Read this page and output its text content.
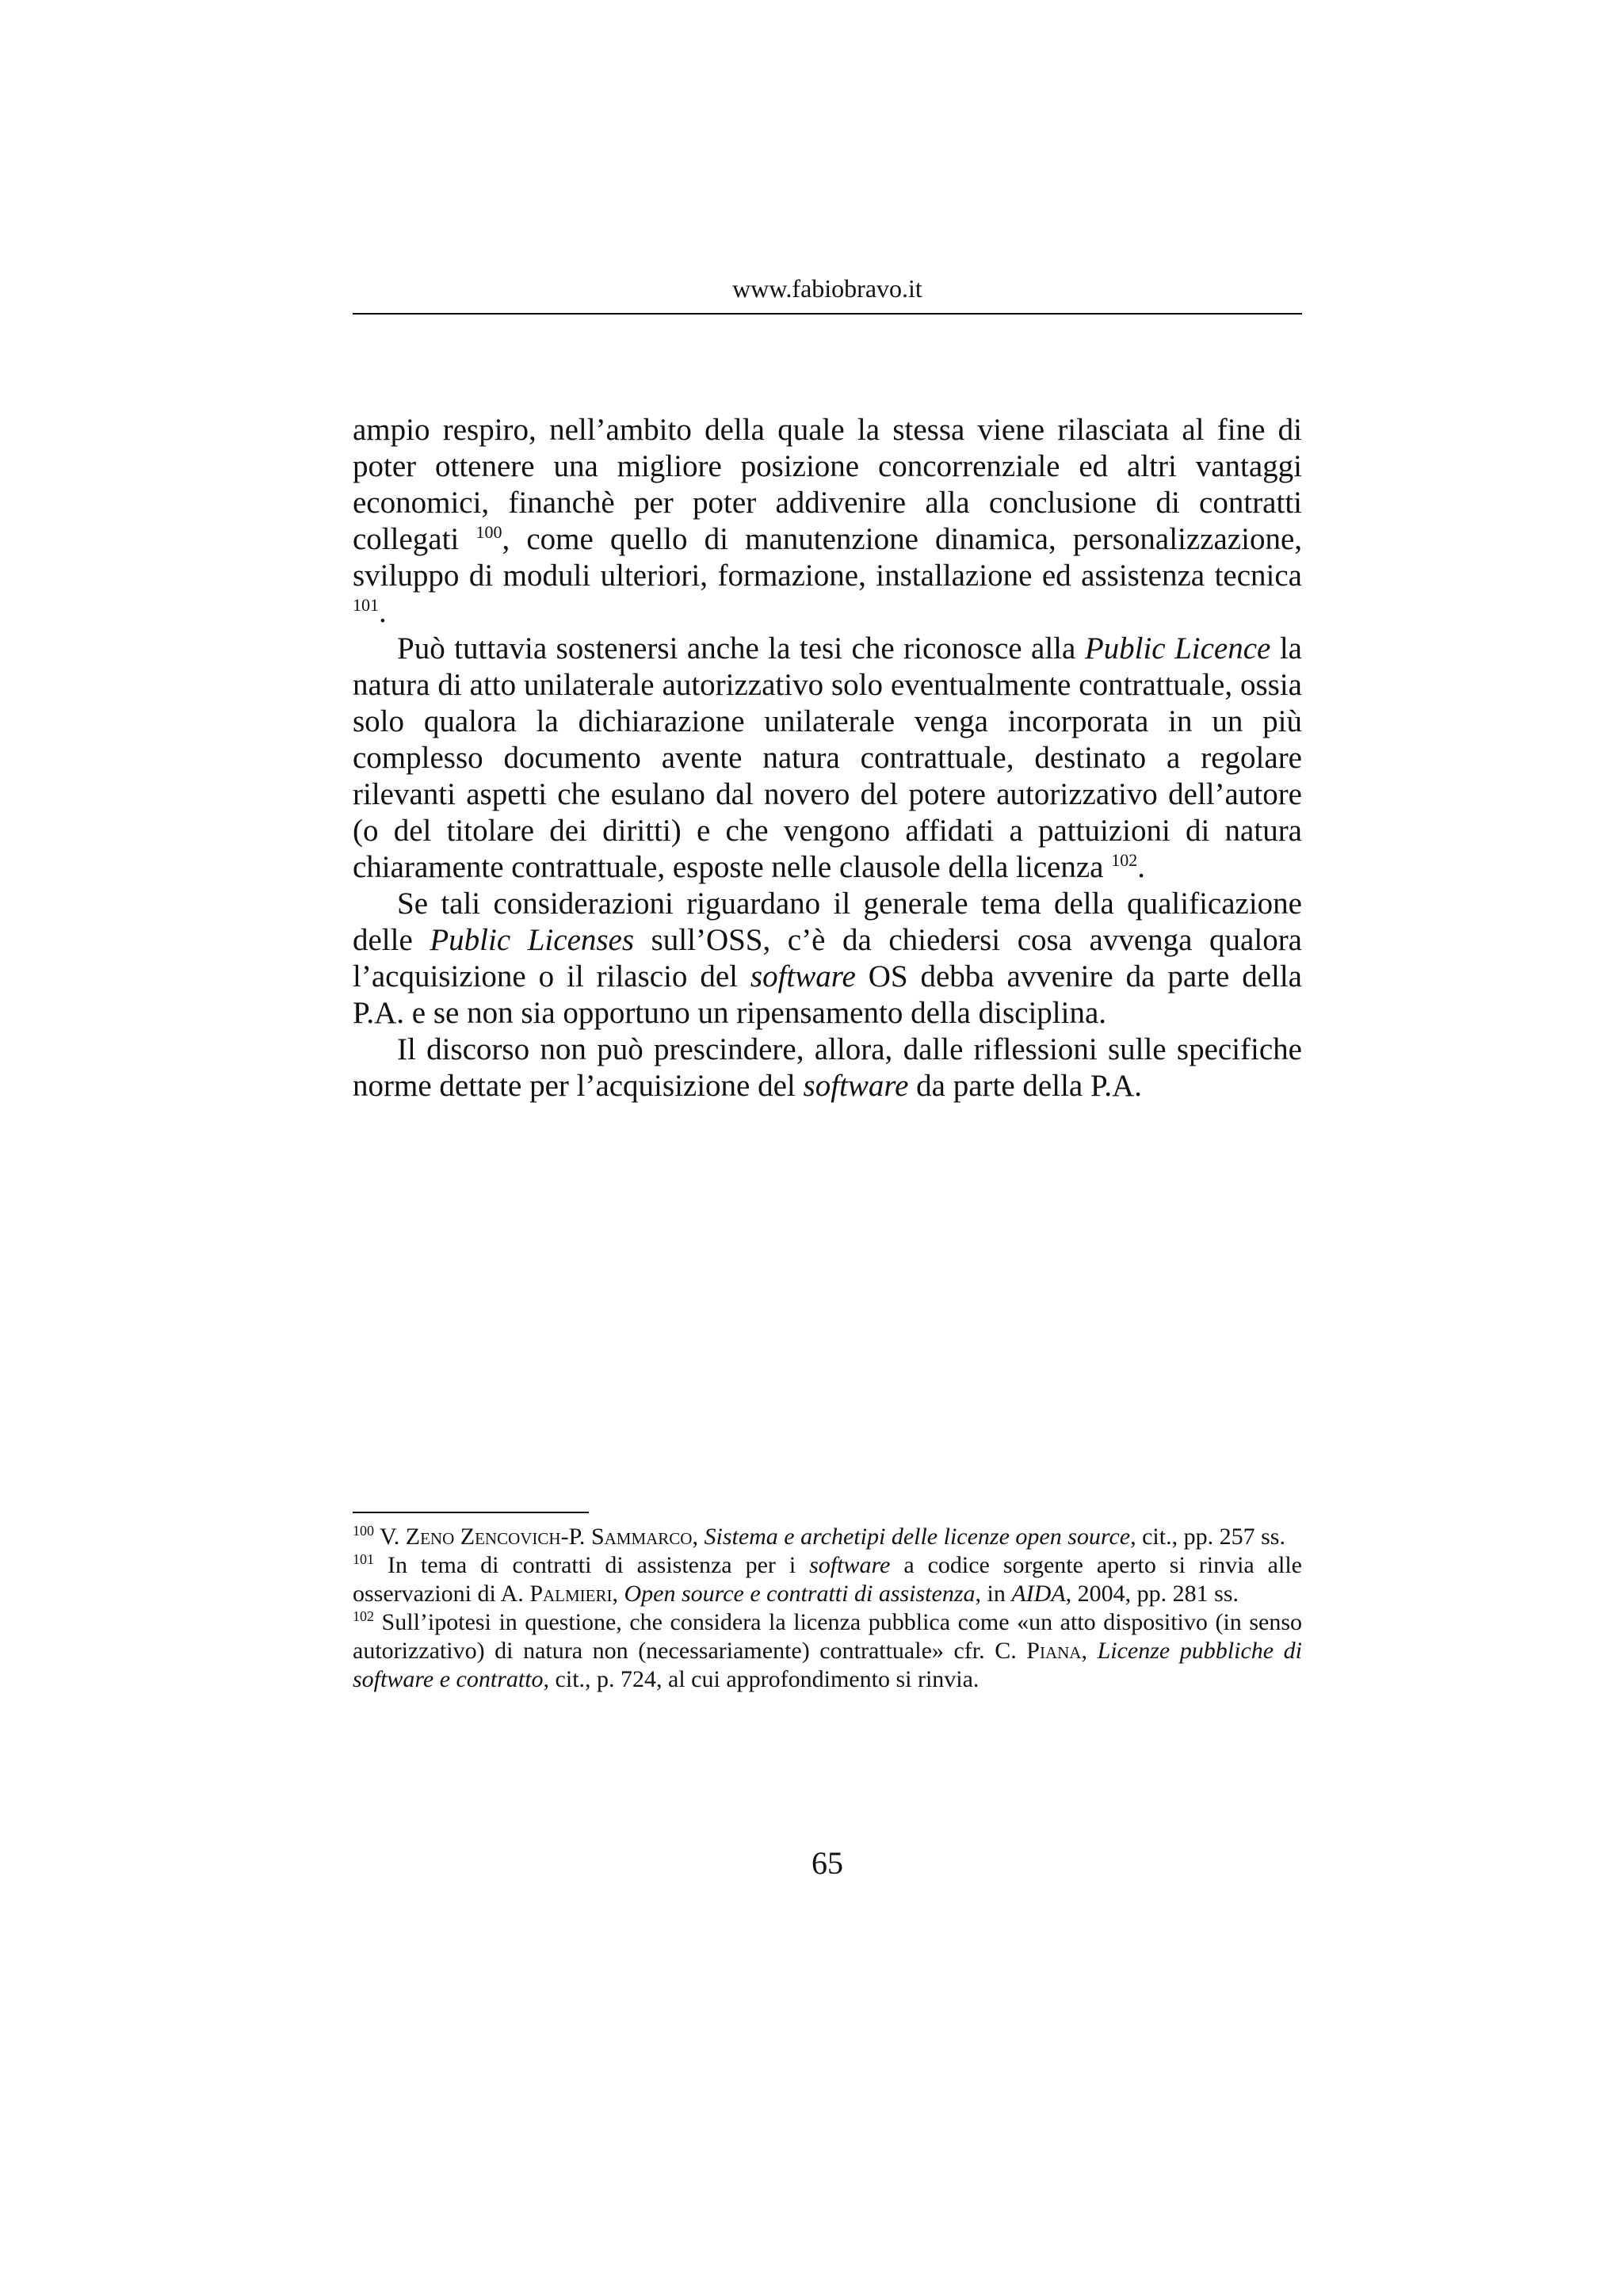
www.fabiobravo.it

ampio respiro, nell’ambito della quale la stessa viene rilasciata al fine di poter ottenere una migliore posizione concorrenziale ed altri vantaggi economici, financhè per poter addivenire alla conclusione di contratti collegati $^{100}$, come quello di manutenzione dinamica, personalizzazione, sviluppo di moduli ulteriori, formazione, installazione ed assistenza tecnica $^{101}$.

Può tuttavia sostenersi anche la tesi che riconosce alla Public Licence la natura di atto unilaterale autorizzativo solo eventualmente contrattuale, ossia solo qualora la dichiarazione unilaterale venga incorporata in un più complesso documento avente natura contrattuale, destinato a regolare rilevanti aspetti che esulano dal novero del potere autorizzativo dell’autore (o del titolare dei diritti) e che vengono affidati a pattuizioni di natura chiaramente contrattuale, esposte nelle clausole della licenza $^{102}$.

Se tali considerazioni riguardano il generale tema della qualificazione delle Public Licenses sull’OSS, c’è da chiedersi cosa avvenga qualora l’acquisizione o il rilascio del software OS debba avvenire da parte della P.A. e se non sia opportuno un ripensamento della disciplina.

Il discorso non può prescindere, allora, dalle riflessioni sulle specifiche norme dettate per l’acquisizione del software da parte della P.A.

$^{100}$ V. Zeno Zencovich-P. Sammarco, Sistema e archetipi delle licenze open source, cit., pp. 257 ss.

$^{101}$ In tema di contratti di assistenza per i software a codice sorgente aperto si rinvia alle osservazioni di A. Palmieri, Open source e contratti di assistenza, in AIDA, 2004, pp. 281 ss.

$^{102}$ Sull’ipotesi in questione, che considera la licenza pubblica come «un atto dispositivo (in senso autorizzativo) di natura non (necessariamente) contrattuale» cfr. C. Piana, Licenze pubbliche di software e contratto, cit., p. 724, al cui approfondimento si rinvia.

65
